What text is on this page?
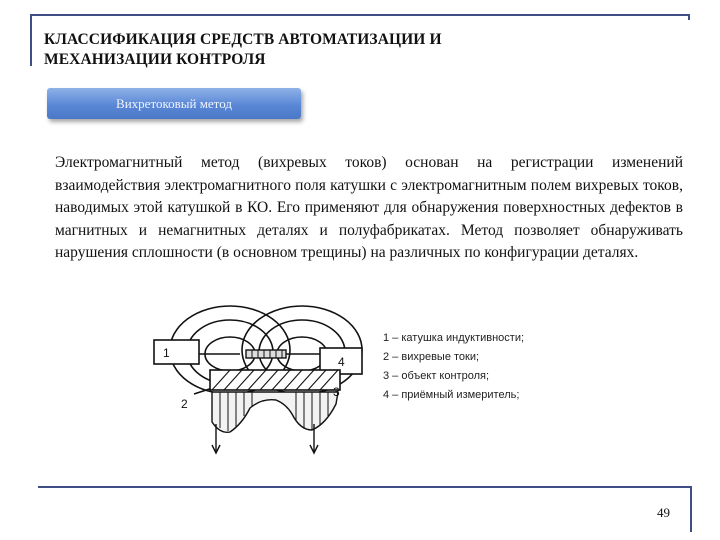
КЛАССИФИКАЦИЯ СРЕДСТВ АВТОМАТИЗАЦИИ И
МЕХАНИЗАЦИИ КОНТРОЛЯ
Вихретоковый метод
Электромагнитный метод (вихревых токов) основан на регистрации изменений взаимодействия электромагнитного поля катушки с электромагнитным полем вихревых токов, наводимых этой катушкой в КО. Его применяют для обнаружения поверхностных дефектов в магнитных и немагнитных деталях и полуфабрикатах. Метод позволяет обнаруживать нарушения сплошности (в основном трещины) на различных по конфигурации деталях.
1
2
3
4
1 – катушка индуктивности;
2 – вихревые токи;
3 – объект контроля;
4 – приёмный измеритель;
49
